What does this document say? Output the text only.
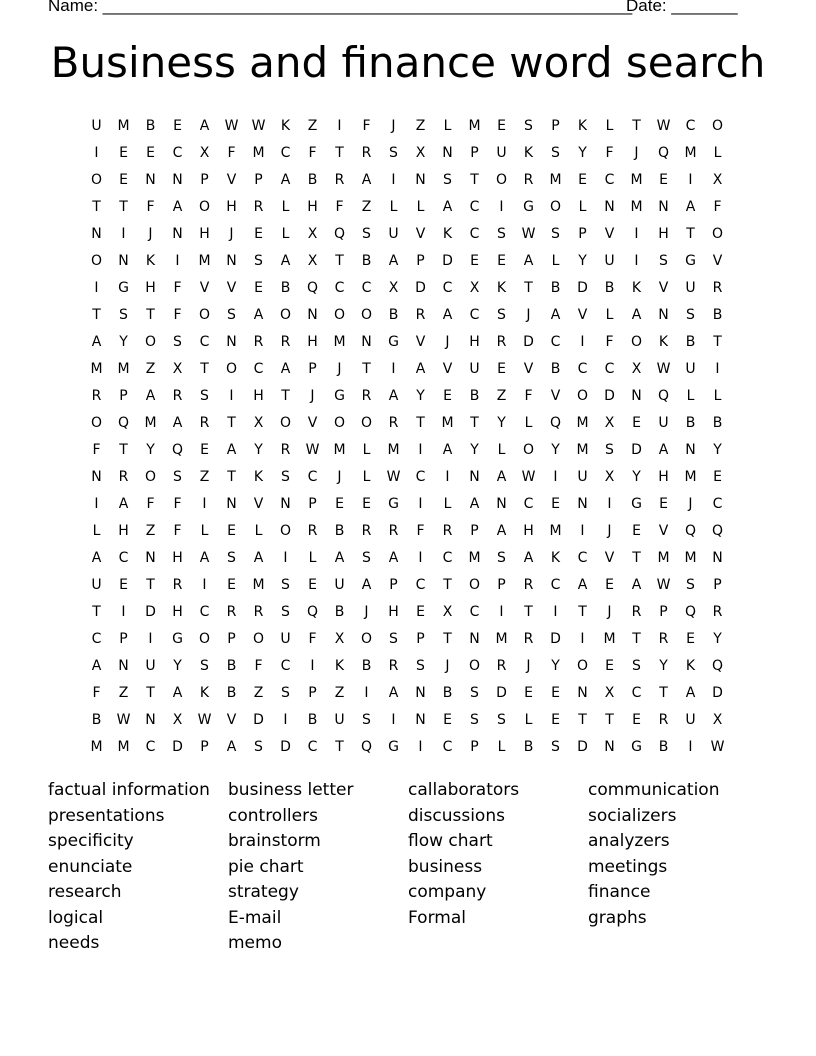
Name: ________________________________________________________
Date: _______
Business and finance word search
U	M	B	E	A	W W	K	Z	I	F	J	Z	L	M	E	S	P	K	L	T	W	C	O
I	E	E	C	X	F	M	C	F	T	R	S	X	N	P	U	K	S	Y	F	J	Q	M	L
O	E	N	N	P	V	P	A	B	R	A	I	N	S	T	O	R	M	E	C	M	E	I	X
T	T	F	A	O	H	R	L	H	F	Z	L	L	A	C	I	G	O	L	N	M	N	A	F
N	I	J	N	H	J	E	L	X	Q	S	U	V	K	C	S	W	S	P	V	I	H	T	O
O	N	K	I	M	N	S	A	X	T	B	A	P	D	E	E	A	L	Y	U	I	S	G	V
I	G	H	F	V	V	E	B	Q	C	C	X	D	C	X	K	T	B	D	B	K	V	U	R
T	S	T	F	O	S	A	O	N	O	O	B	R	A	C	S	J	A	V	L	A	N	S	B
A	Y	O	S	C	N	R	R	H	M	N	G	V	J	H	R	D	C	I	F	O	K	B	T
M	M	Z	X	T	O	C	A	P	J	T	I	A	V	U	E	V	B	C	C	X	W	U	I
R	P	A	R	S	I	H	T	J	G	R	A	Y	E	B	Z	F	V	O	D	N	Q	L	L
O	Q	M	A	R	T	X	O	V	O	O	R	T	M	T	Y	L	Q	M	X	E	U	B	B
F	T	Y	Q	E	A	Y	R	W	M	L	M	I	A	Y	L	O	Y	M	S	D	A	N	Y
N	R	O	S	Z	T	K	S	C	J	L	W	C	I	N	A	W	I	U	X	Y	H	M	E
I	A	F	F	I	N	V	N	P	E	E	G	I	L	A	N	C	E	N	I	G	E	J	C
L	H	Z	F	L	E	L	O	R	B	R	R	F	R	P	A	H	M	I	J	E	V	Q	Q
A	C	N	H	A	S	A	I	L	A	S	A	I	C	M	S	A	K	C	V	T	M	M	N
U	E	T	R	I	E	M	S	E	U	A	P	C	T	O	P	R	C	A	E	A	W	S	P
T	I	D	H	C	R	R	S	Q	B	J	H	E	X	C	I	T	I	T	J	R	P	Q	R
C	P	I	G	O	P	O	U	F	X	O	S	P	T	N	M	R	D	I	M	T	R	E	Y
A	N	U	Y	S	B	F	C	I	K	B	R	S	J	O	R	J	Y	O	E	S	Y	K	Q
F	Z	T	A	K	B	Z	S	P	Z	I	A	N	B	S	D	E	E	N	X	C	T	A	D
B	W	N	X	W	V	D	I	B	U	S	I	N	E	S	S	L	E	T	T	E	R	U	X
M	M	C	D	P	A	S	D	C	T	Q	G	I	C	P	L	B	S	D	N	G	B	I	W
factual information
presentations
specificity
enunciate
research
logical
needs
business letter
controllers
brainstorm
pie chart
strategy
E-mail
memo
callaborators
discussions
flow chart
business
company
Formal
communication
socializers
analyzers
meetings
finance
graphs
